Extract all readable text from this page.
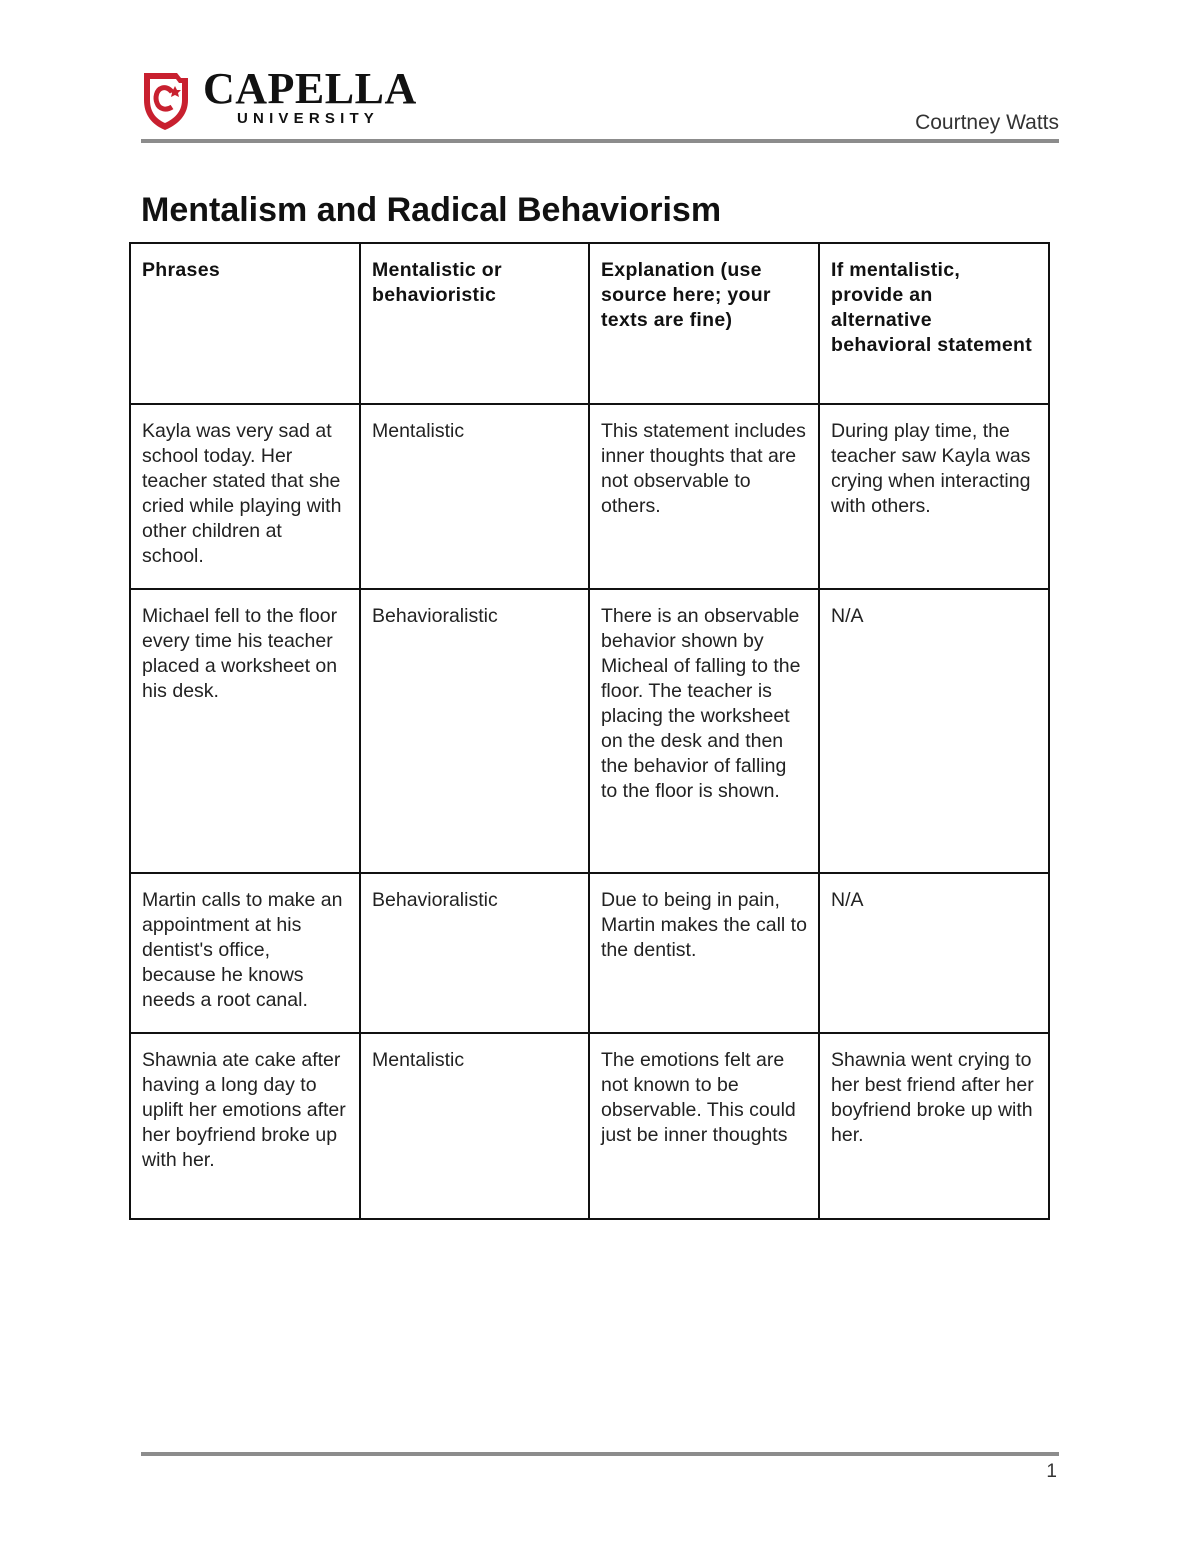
CAPELLA
UNIVERSITY	Courtney Watts
Mentalism and Radical Behaviorism
Phrases	Mentalistic or behavioristic	Explanation (use source here; your texts are fine)	If mentalistic, provide an alternative behavioral statement
Kayla was very sad at school today. Her teacher stated that she cried while playing with other children at school.	Mentalistic	This statement includes inner thoughts that are not observable to others.	During play time, the teacher saw Kayla was crying when interacting with others.
Michael fell to the floor every time his teacher placed a worksheet on his desk.	Behavioralistic	There is an observable behavior shown by Micheal of falling to the floor. The teacher is placing the worksheet on the desk and then the behavior of falling to the floor is shown.	N/A
Martin calls to make an appointment at his dentist's office, because he knows needs a root canal.	Behavioralistic	Due to being in pain, Martin makes the call to the dentist.	N/A
Shawnia ate cake after having a long day to uplift her emotions after her boyfriend broke up with her.	Mentalistic	The emotions felt are not known to be observable. This could just be inner thoughts	Shawnia went crying to her best friend after her boyfriend broke up with her.
1
